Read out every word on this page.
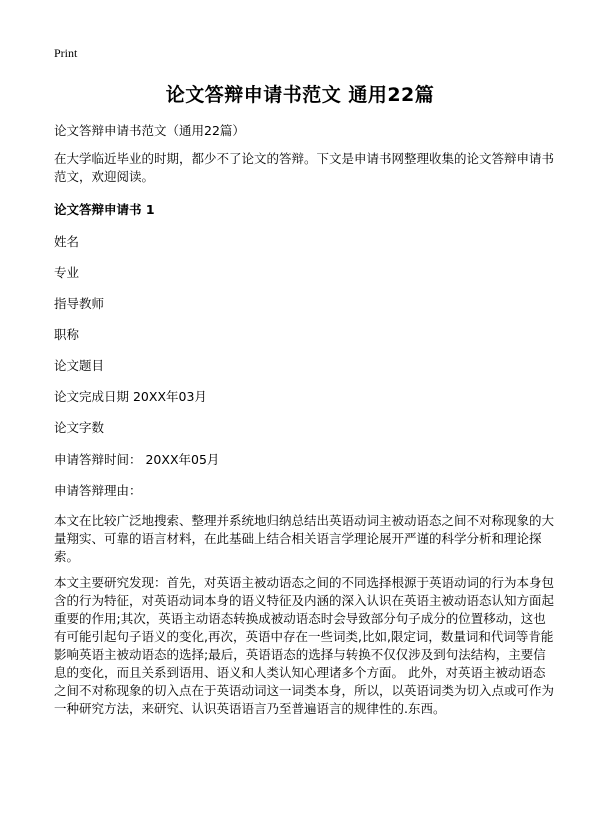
Print
论文答辩申请书范文 通用22篇
论文答辩申请书范文（通用22篇）

在大学临近毕业的时期，都少不了论文的答辩。下文是申请书网整理收集的论文答辩申请书范文，欢迎阅读。

论文答辩申请书 1

姓名

专业

指导教师

职称

论文题目

论文完成日期 20XX年03月

论文字数

申请答辩时间： 20XX年05月

申请答辩理由：

本文在比较广泛地搜索、整理并系统地归纳总结出英语动词主被动语态之间不对称现象的大量翔实、可靠的语言材料，在此基础上结合相关语言学理论展开严谨的科学分析和理论探索。

本文主要研究发现：首先，对英语主被动语态之间的不同选择根源于英语动词的行为本身包含的行为特征，对英语动词本身的语义特征及内涵的深入认识在英语主被动语态认知方面起重要的作用;其次，英语主动语态转换成被动语态时会导致部分句子成分的位置移动，这也有可能引起句子语义的变化,再次，英语中存在一些词类,比如,限定词，数量词和代词等肯能影响英语主被动语态的选择;最后，英语语态的选择与转换不仅仅涉及到句法结构，主要信息的变化，而且关系到语用、语义和人类认知心理诸多个方面。 此外，对英语主被动语态之间不对称现象的切入点在于英语动词这一词类本身，所以，以英语词类为切入点或可作为一种研究方法，来研究、认识英语语言乃至普遍语言的规律性的.东西。
